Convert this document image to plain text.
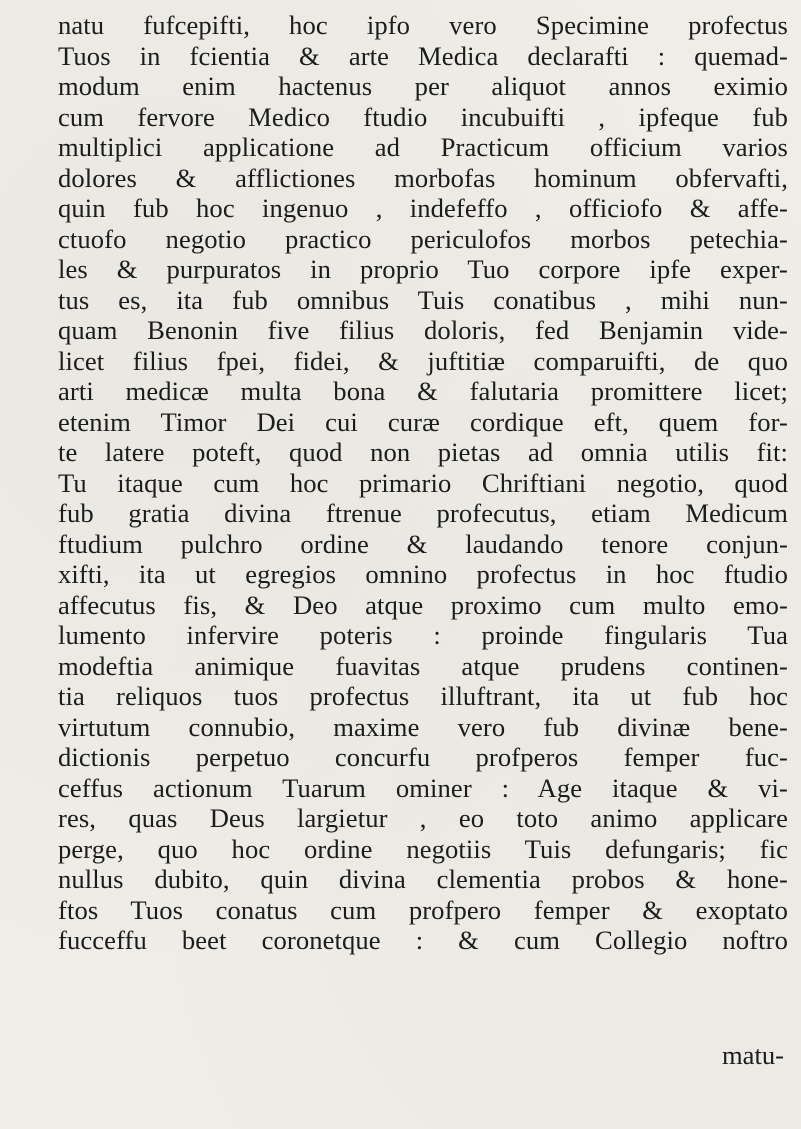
natu fufcepifti, hoc ipfo vero Specimine profectus
Tuos in fcientia & arte Medica declarafti : quemad-
modum enim hactenus per aliquot annos eximio
cum fervore Medico ftudio incubuifti , ipfeque fub
multiplici applicatione ad Practicum officium varios
dolores & afflictiones morbofas hominum obfervafti,
quin fub hoc ingenuo , indefeffo , officiofo & affe-
ctuofo negotio practico periculofos morbos petechia-
les & purpuratos in proprio Tuo corpore ipfe exper-
tus es, ita fub omnibus Tuis conatibus , mihi nun-
quam Benonin five filius doloris, fed Benjamin vide-
licet filius fpei, fidei, & juftitiæ comparuifti, de quo
arti medicæ multa bona & falutaria promittere licet;
etenim Timor Dei cui curæ cordique eft, quem for-
te latere poteft, quod non pietas ad omnia utilis fit:
Tu itaque cum hoc primario Chriftiani negotio, quod
fub gratia divina ftrenue profecutus, etiam Medicum
ftudium pulchro ordine & laudando tenore conjun-
xifti, ita ut egregios omnino profectus in hoc ftudio
affecutus fis, & Deo atque proximo cum multo emo-
lumento infervire poteris : proinde fingularis Tua
modeftia animique fuavitas atque prudens continen-
tia reliquos tuos profectus illuftrant, ita ut fub hoc
virtutum connubio, maxime vero fub divinæ bene-
dictionis perpetuo concurfu profperos femper fuc-
ceffus actionum Tuarum ominer : Age itaque & vi-
res, quas Deus largietur , eo toto animo applicare
perge, quo hoc ordine negotiis Tuis defungaris; fic
nullus dubito, quin divina clementia probos & hone-
ftos Tuos conatus cum profpero femper & exoptato
fucceffu beet coronetque : & cum Collegio noftro
matu-
